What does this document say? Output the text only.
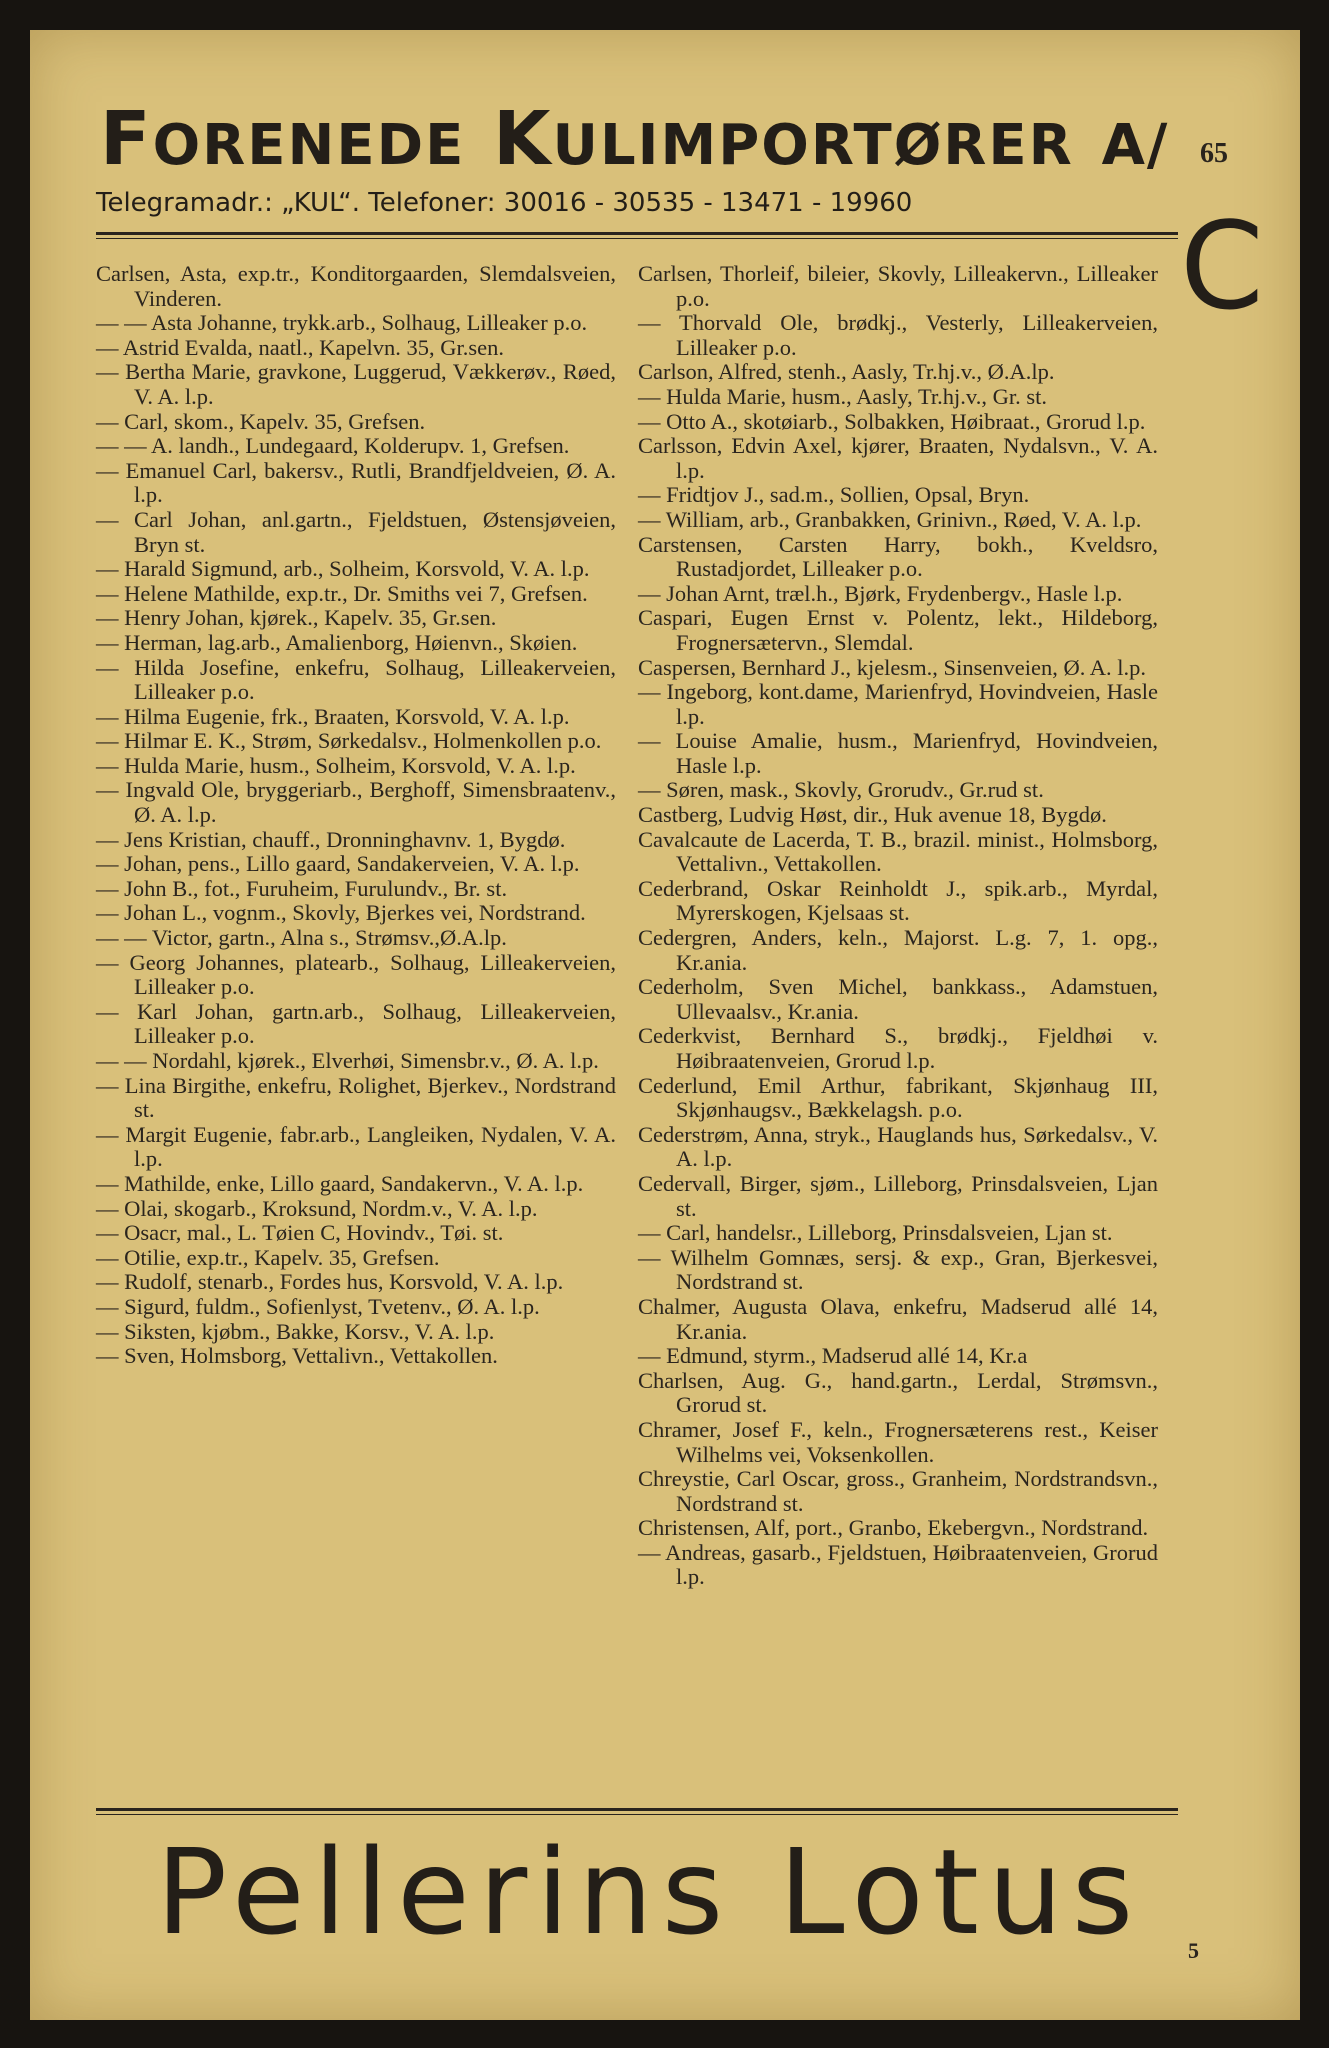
FORENEDE KULIMPORTØRER A/	65
Telegramadr.: „KUL“. Telefoner: 30016 - 30535 - 13471 - 19960	C
Carlsen, Asta, exp.tr., Konditorgaarden, Slemdalsveien, Vinderen.
— — Asta Johanne, trykk.arb., Solhaug, Lilleaker p.o.
— Astrid Evalda, naatl., Kapelvn. 35, Gr.sen.
— Bertha Marie, gravkone, Luggerud, Vækkerøv., Røed, V. A. l.p.
— Carl, skom., Kapelv. 35, Grefsen.
— — A. landh., Lundegaard, Kolderupv. 1, Grefsen.
— Emanuel Carl, bakersv., Rutli, Brandfjeldveien, Ø. A. l.p.
— Carl Johan, anl.gartn., Fjeldstuen, Østensjøveien, Bryn st.
— Harald Sigmund, arb., Solheim, Korsvold, V. A. l.p.
— Helene Mathilde, exp.tr., Dr. Smiths vei 7, Grefsen.
— Henry Johan, kjørek., Kapelv. 35, Gr.sen.
— Herman, lag.arb., Amalienborg, Høienvn., Skøien.
— Hilda Josefine, enkefru, Solhaug, Lilleakerveien, Lilleaker p.o.
— Hilma Eugenie, frk., Braaten, Korsvold, V. A. l.p.
— Hilmar E. K., Strøm, Sørkedalsv., Holmenkollen p.o.
— Hulda Marie, husm., Solheim, Korsvold, V. A. l.p.
— Ingvald Ole, bryggeriarb., Berghoff, Simensbraatenv., Ø. A. l.p.
— Jens Kristian, chauff., Dronninghavnv. 1, Bygdø.
— Johan, pens., Lillo gaard, Sandakerveien, V. A. l.p.
— John B., fot., Furuheim, Furulundv., Br. st.
— Johan L., vognm., Skovly, Bjerkes vei, Nordstrand.
— — Victor, gartn., Alna s., Strømsv.,Ø.A.lp.
— Georg Johannes, platearb., Solhaug, Lilleakerveien, Lilleaker p.o.
— Karl Johan, gartn.arb., Solhaug, Lilleakerveien, Lilleaker p.o.
— — Nordahl, kjørek., Elverhøi, Simensbr.v., Ø. A. l.p.
— Lina Birgithe, enkefru, Rolighet, Bjerkev., Nordstrand st.
— Margit Eugenie, fabr.arb., Langleiken, Nydalen, V. A. l.p.
— Mathilde, enke, Lillo gaard, Sandakervn., V. A. l.p.
— Olai, skogarb., Kroksund, Nordm.v., V. A. l.p.
— Osacr, mal., L. Tøien C, Hovindv., Tøi. st.
— Otilie, exp.tr., Kapelv. 35, Grefsen.
— Rudolf, stenarb., Fordes hus, Korsvold, V. A. l.p.
— Sigurd, fuldm., Sofienlyst, Tvetenv., Ø. A. l.p.
— Siksten, kjøbm., Bakke, Korsv., V. A. l.p.
— Sven, Holmsborg, Vettalivn., Vettakollen.
Carlsen, Thorleif, bileier, Skovly, Lilleakervn., Lilleaker p.o.
— Thorvald Ole, brødkj., Vesterly, Lilleakerveien, Lilleaker p.o.
Carlson, Alfred, stenh., Aasly, Tr.hj.v., Ø.A.lp.
— Hulda Marie, husm., Aasly, Tr.hj.v., Gr. st.
— Otto A., skotøiarb., Solbakken, Høibraat., Grorud l.p.
Carlsson, Edvin Axel, kjører, Braaten, Nydalsvn., V. A. l.p.
— Fridtjov J., sad.m., Sollien, Opsal, Bryn.
— William, arb., Granbakken, Grinivn., Røed, V. A. l.p.
Carstensen, Carsten Harry, bokh., Kveldsro, Rustadjordet, Lilleaker p.o.
— Johan Arnt, træl.h., Bjørk, Frydenbergv., Hasle l.p.
Caspari, Eugen Ernst v. Polentz, lekt., Hildeborg, Frognersætervn., Slemdal.
Caspersen, Bernhard J., kjelesm., Sinsenveien, Ø. A. l.p.
— Ingeborg, kont.dame, Marienfryd, Hovindveien, Hasle l.p.
— Louise Amalie, husm., Marienfryd, Hovindveien, Hasle l.p.
— Søren, mask., Skovly, Grorudv., Gr.rud st.
Castberg, Ludvig Høst, dir., Huk avenue 18, Bygdø.
Cavalcaute de Lacerda, T. B., brazil. minist., Holmsborg, Vettalivn., Vettakollen.
Cederbrand, Oskar Reinholdt J., spik.arb., Myrdal, Myrerskogen, Kjelsaas st.
Cedergren, Anders, keln., Majorst. L.g. 7, 1. opg., Kr.ania.
Cederholm, Sven Michel, bankkass., Adamstuen, Ullevaalsv., Kr.ania.
Cederkvist, Bernhard S., brødkj., Fjeldhøi v. Høibraatenveien, Grorud l.p.
Cederlund, Emil Arthur, fabrikant, Skjønhaug III, Skjønhaugsv., Bækkelagsh. p.o.
Cederstrøm, Anna, stryk., Hauglands hus, Sørkedalsv., V. A. l.p.
Cedervall, Birger, sjøm., Lilleborg, Prinsdalsveien, Ljan st.
— Carl, handelsr., Lilleborg, Prinsdalsveien, Ljan st.
— Wilhelm Gomnæs, sersj. & exp., Gran, Bjerkesvei, Nordstrand st.
Chalmer, Augusta Olava, enkefru, Madserud allé 14, Kr.ania.
— Edmund, styrm., Madserud allé 14, Kr.a
Charlsen, Aug. G., hand.gartn., Lerdal, Strømsvn., Grorud st.
Chramer, Josef F., keln., Frognersæterens rest., Keiser Wilhelms vei, Voksenkollen.
Chreystie, Carl Oscar, gross., Granheim, Nordstrandsvn., Nordstrand st.
Christensen, Alf, port., Granbo, Ekebergvn., Nordstrand.
— Andreas, gasarb., Fjeldstuen, Høibraatenveien, Grorud l.p.
Pellerins Lotus	5
